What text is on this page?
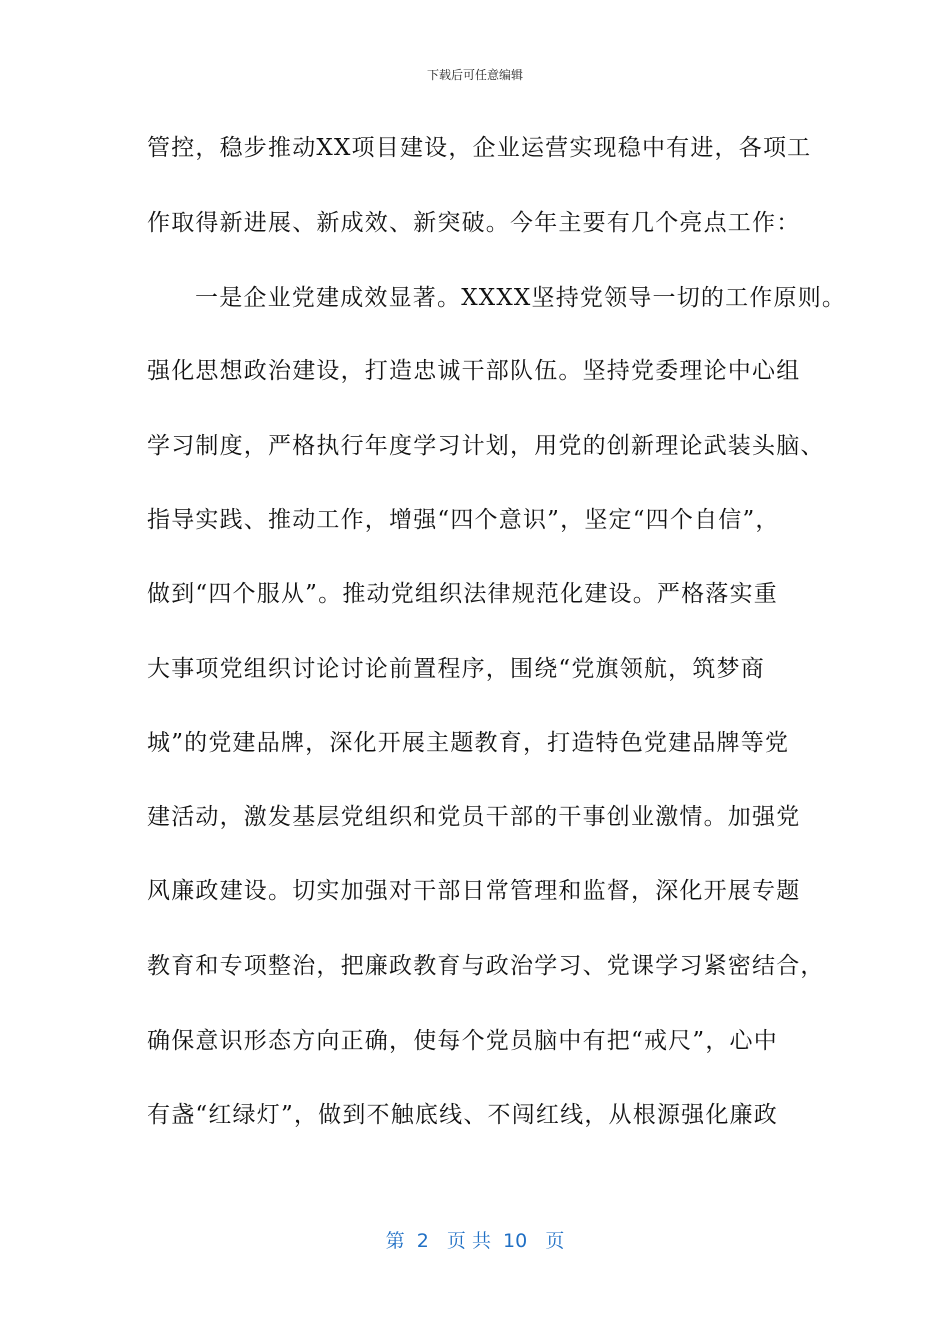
下载后可任意编辑
管控，稳步推动XX项目建设，企业运营实现稳中有进，各项工
作取得新进展、新成效、新突破。今年主要有几个亮点工作：
一是企业党建成效显著。XXXX坚持党领导一切的工作原则。
强化思想政治建设，打造忠诚干部队伍。坚持党委理论中心组
学习制度，严格执行年度学习计划，用党的创新理论武装头脑、
指导实践、推动工作，增强“四个意识”，坚定“四个自信”，
做到“四个服从”。推动党组织法律规范化建设。严格落实重
大事项党组织讨论讨论前置程序，围绕“党旗领航，筑梦商
城”的党建品牌，深化开展主题教育，打造特色党建品牌等党
建活动，激发基层党组织和党员干部的干事创业激情。加强党
风廉政建设。切实加强对干部日常管理和监督，深化开展专题
教育和专项整治，把廉政教育与政治学习、党课学习紧密结合，
确保意识形态方向正确，使每个党员脑中有把“戒尺”，心中
有盏“红绿灯”，做到不触底线、不闯红线，从根源强化廉政
第  2   页 共  10   页
